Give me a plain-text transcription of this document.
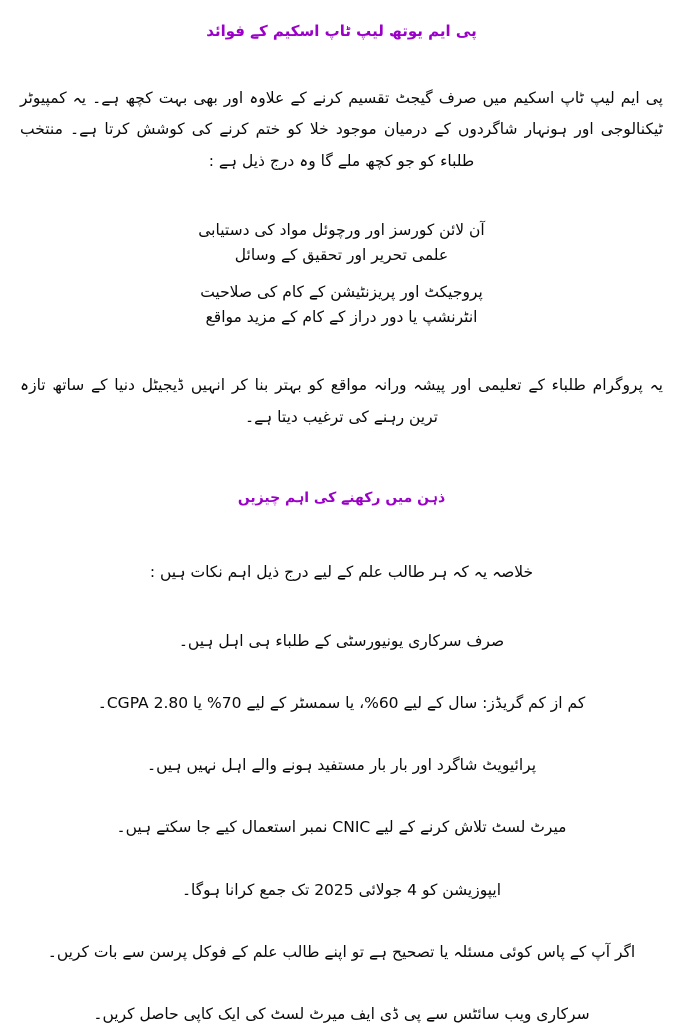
پی ایم یوتھ لیپ ٹاپ اسکیم کے فوائد

پی ایم لیپ ٹاپ اسکیم میں صرف گیجٹ تقسیم کرنے کے علاوہ اور بھی بہت کچھ ہے۔ یہ کمپیوٹر ٹیکنالوجی اور ہونہار شاگردوں کے درمیان موجود خلا کو ختم کرنے کی کوشش کرتا ہے۔ منتخب طلباء کو جو کچھ ملے گا وہ درج ذیل ہے :

آن لائن کورسز اور ورچوئل مواد کی دستیابی
علمی تحریر اور تحقیق کے وسائل
پروجیکٹ اور پریزنٹیشن کے کام کی صلاحیت
انٹرنشپ یا دور دراز کے کام کے مزید مواقع

یہ پروگرام طلباء کے تعلیمی اور پیشہ ورانہ مواقع کو بہتر بنا کر انہیں ڈیجیٹل دنیا کے ساتھ تازہ ترین رہنے کی ترغیب دیتا ہے۔

ذہن میں رکھنے کی اہم چیزیں

خلاصہ یہ کہ ہر طالب علم کے لیے درج ذیل اہم نکات ہیں :

صرف سرکاری یونیورسٹی کے طلباء ہی اہل ہیں۔
کم از کم گریڈز: سال کے لیے 60%، یا سمسٹر کے لیے 70% یا CGPA 2.80۔
پرائیویٹ شاگرد اور بار بار مستفید ہونے والے اہل نہیں ہیں۔
میرٹ لسٹ تلاش کرنے کے لیے CNIC نمبر استعمال کیے جا سکتے ہیں۔
ایپوزیشن کو 4 جولائی 2025 تک جمع کرانا ہوگا۔
اگر آپ کے پاس کوئی مسئلہ یا تصحیح ہے تو اپنے طالب علم کے فوکل پرسن سے بات کریں۔
سرکاری ویب سائٹس سے پی ڈی ایف میرٹ لسٹ کی ایک کاپی حاصل کریں۔
